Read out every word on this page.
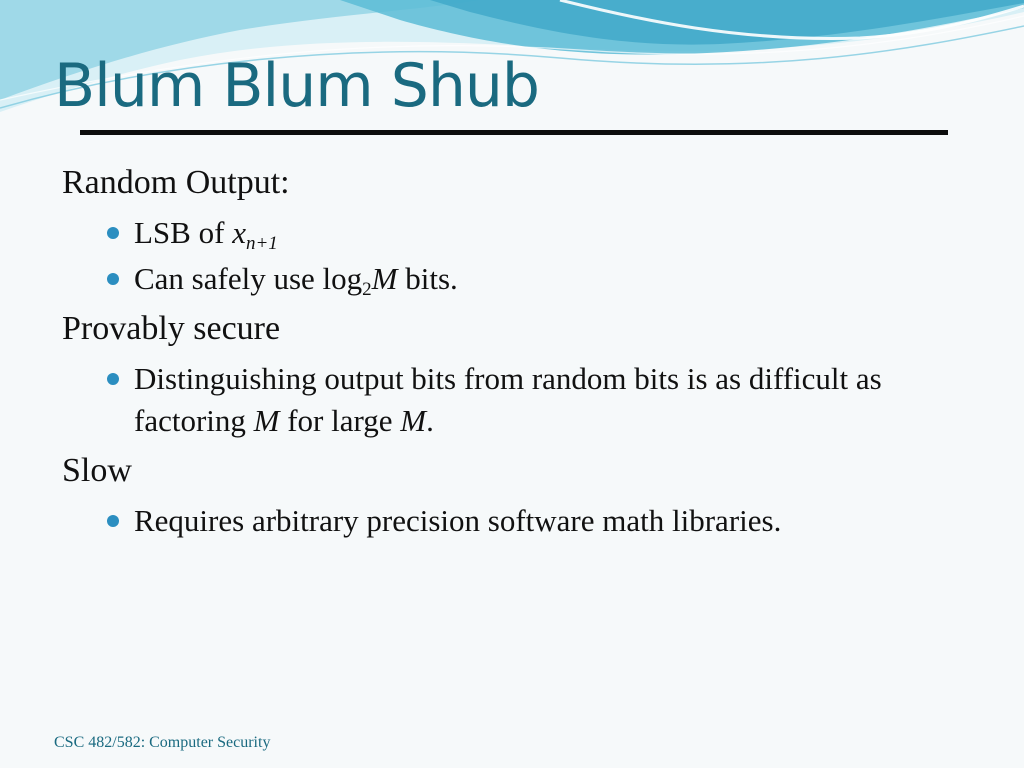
Blum Blum Shub
Random Output:
LSB of $x_{n+1}$
Can safely use $\log_2M$ bits.
Provably secure
Distinguishing output bits from random bits is as difficult as factoring M for large M.
Slow
Requires arbitrary precision software math libraries.
CSC 482/582: Computer Security
